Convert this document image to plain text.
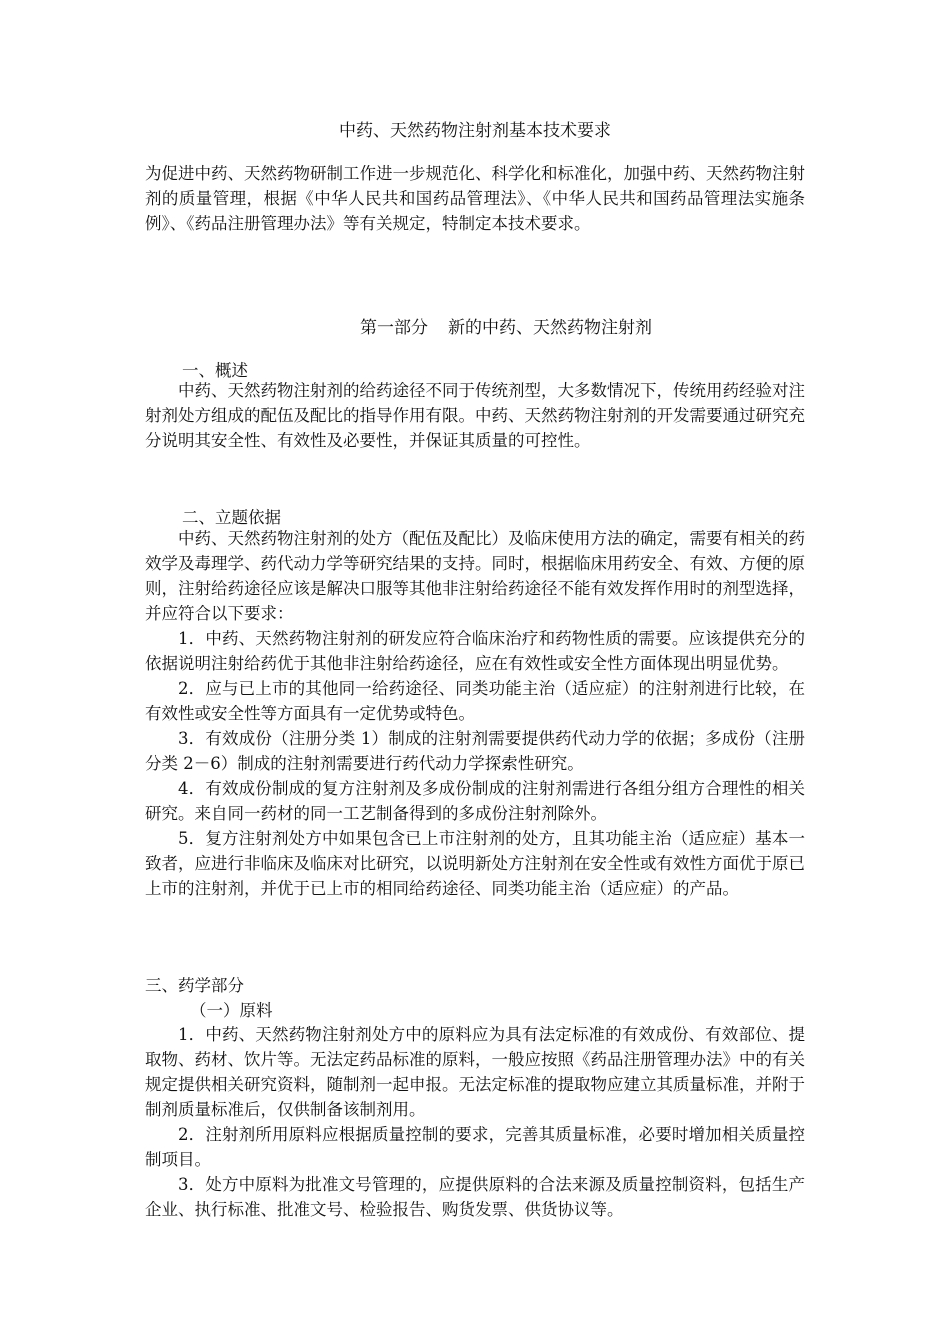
中药、天然药物注射剂基本技术要求

为促进中药、天然药物研制工作进一步规范化、科学化和标准化，加强中药、天然药物注射剂的质量管理，根据《中华人民共和国药品管理法》、《中华人民共和国药品管理法实施条例》、《药品注册管理办法》等有关规定，特制定本技术要求。

第一部分 新的中药、天然药物注射剂
一、概述

中药、天然药物注射剂的给药途径不同于传统剂型，大多数情况下，传统用药经验对注射剂处方组成的配伍及配比的指导作用有限。中药、天然药物注射剂的开发需要通过研究充分说明其安全性、有效性及必要性，并保证其质量的可控性。

二、立题依据

中药、天然药物注射剂的处方（配伍及配比）及临床使用方法的确定，需要有相关的药效学及毒理学、药代动力学等研究结果的支持。同时，根据临床用药安全、有效、方便的原则，注射给药途径应该是解决口服等其他非注射给药途径不能有效发挥作用时的剂型选择，并应符合以下要求：

1．中药、天然药物注射剂的研发应符合临床治疗和药物性质的需要。应该提供充分的依据说明注射给药优于其他非注射给药途径，应在有效性或安全性方面体现出明显优势。

2．应与已上市的其他同一给药途径、同类功能主治（适应症）的注射剂进行比较，在有效性或安全性等方面具有一定优势或特色。

3．有效成份（注册分类 1）制成的注射剂需要提供药代动力学的依据；多成份（注册分类 2－6）制成的注射剂需要进行药代动力学探索性研究。

4．有效成份制成的复方注射剂及多成份制成的注射剂需进行各组分组方合理性的相关研究。来自同一药材的同一工艺制备得到的多成份注射剂除外。

5．复方注射剂处方中如果包含已上市注射剂的处方，且其功能主治（适应症）基本一致者，应进行非临床及临床对比研究，以说明新处方注射剂在安全性或有效性方面优于原已上市的注射剂，并优于已上市的相同给药途径、同类功能主治（适应症）的产品。

三、药学部分
（一）原料

1．中药、天然药物注射剂处方中的原料应为具有法定标准的有效成份、有效部位、提取物、药材、饮片等。无法定药品标准的原料，一般应按照《药品注册管理办法》中的有关规定提供相关研究资料，随制剂一起申报。无法定标准的提取物应建立其质量标准，并附于制剂质量标准后，仅供制备该制剂用。

2．注射剂所用原料应根据质量控制的要求，完善其质量标准，必要时增加相关质量控制项目。

3．处方中原料为批准文号管理的，应提供原料的合法来源及质量控制资料，包括生产企业、执行标准、批准文号、检验报告、购货发票、供货协议等。
